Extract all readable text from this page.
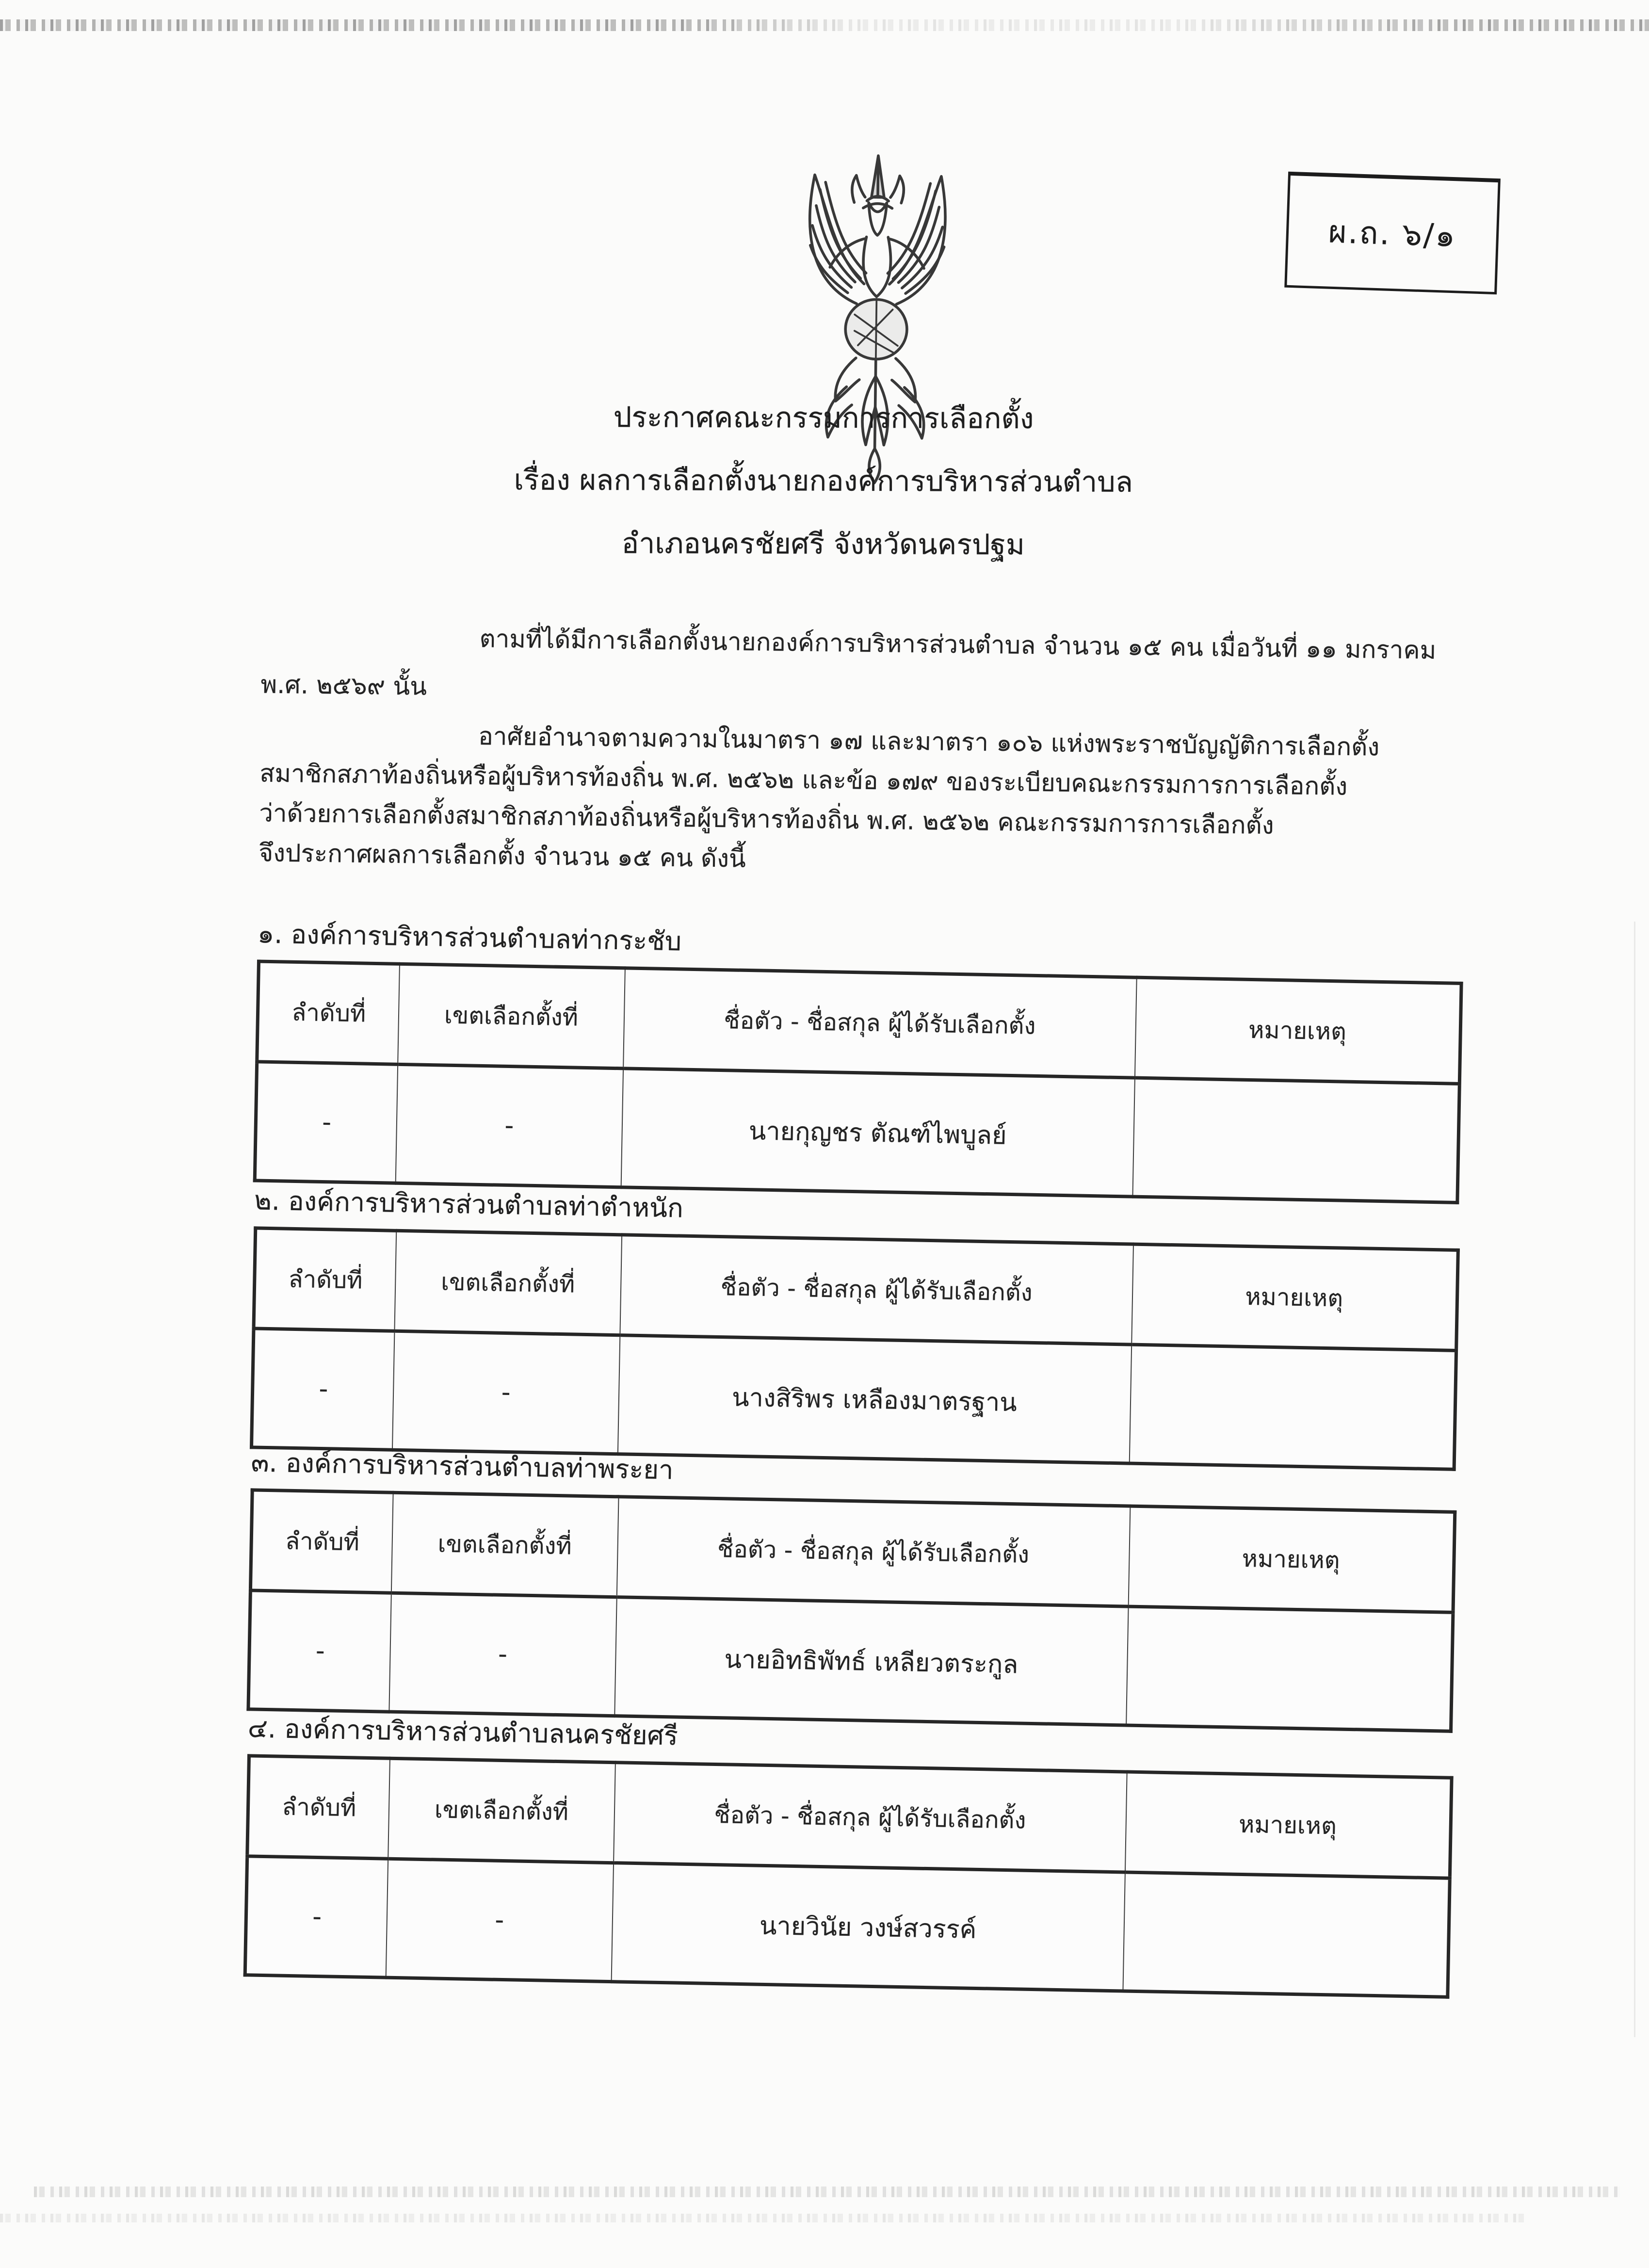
ผ.ถ. ๖/๑
ประกาศคณะกรรมการการเลือกตั้ง
เรื่อง ผลการเลือกตั้งนายกองค์การบริหารส่วนตำบล
อำเภอนครชัยศรี จังหวัดนครปฐม
ตามที่ได้มีการเลือกตั้งนายกองค์การบริหารส่วนตำบล จำนวน ๑๕ คน เมื่อวันที่ ๑๑ มกราคม
พ.ศ. ๒๕๖๙ นั้น
อาศัยอำนาจตามความในมาตรา ๑๗ และมาตรา ๑๐๖ แห่งพระราชบัญญัติการเลือกตั้ง
สมาชิกสภาท้องถิ่นหรือผู้บริหารท้องถิ่น พ.ศ. ๒๕๖๒ และข้อ ๑๗๙ ของระเบียบคณะกรรมการการเลือกตั้ง
ว่าด้วยการเลือกตั้งสมาชิกสภาท้องถิ่นหรือผู้บริหารท้องถิ่น พ.ศ. ๒๕๖๒ คณะกรรมการการเลือกตั้ง
จึงประกาศผลการเลือกตั้ง จำนวน ๑๕ คน ดังนี้
๑. องค์การบริหารส่วนตำบลท่ากระชับ
ลำดับที่	เขตเลือกตั้งที่	ชื่อตัว - ชื่อสกุล ผู้ได้รับเลือกตั้ง	หมายเหตุ
-	-	นายกุญชร ตัณฑ์ไพบูลย์	
๒. องค์การบริหารส่วนตำบลท่าตำหนัก
ลำดับที่	เขตเลือกตั้งที่	ชื่อตัว - ชื่อสกุล ผู้ได้รับเลือกตั้ง	หมายเหตุ
-	-	นางสิริพร เหลืองมาตรฐาน	
๓. องค์การบริหารส่วนตำบลท่าพระยา
ลำดับที่	เขตเลือกตั้งที่	ชื่อตัว - ชื่อสกุล ผู้ได้รับเลือกตั้ง	หมายเหตุ
-	-	นายอิทธิพัทธ์ เหลียวตระกูล	
๔. องค์การบริหารส่วนตำบลนครชัยศรี
ลำดับที่	เขตเลือกตั้งที่	ชื่อตัว - ชื่อสกุล ผู้ได้รับเลือกตั้ง	หมายเหตุ
-	-	นายวินัย วงษ์สวรรค์	
